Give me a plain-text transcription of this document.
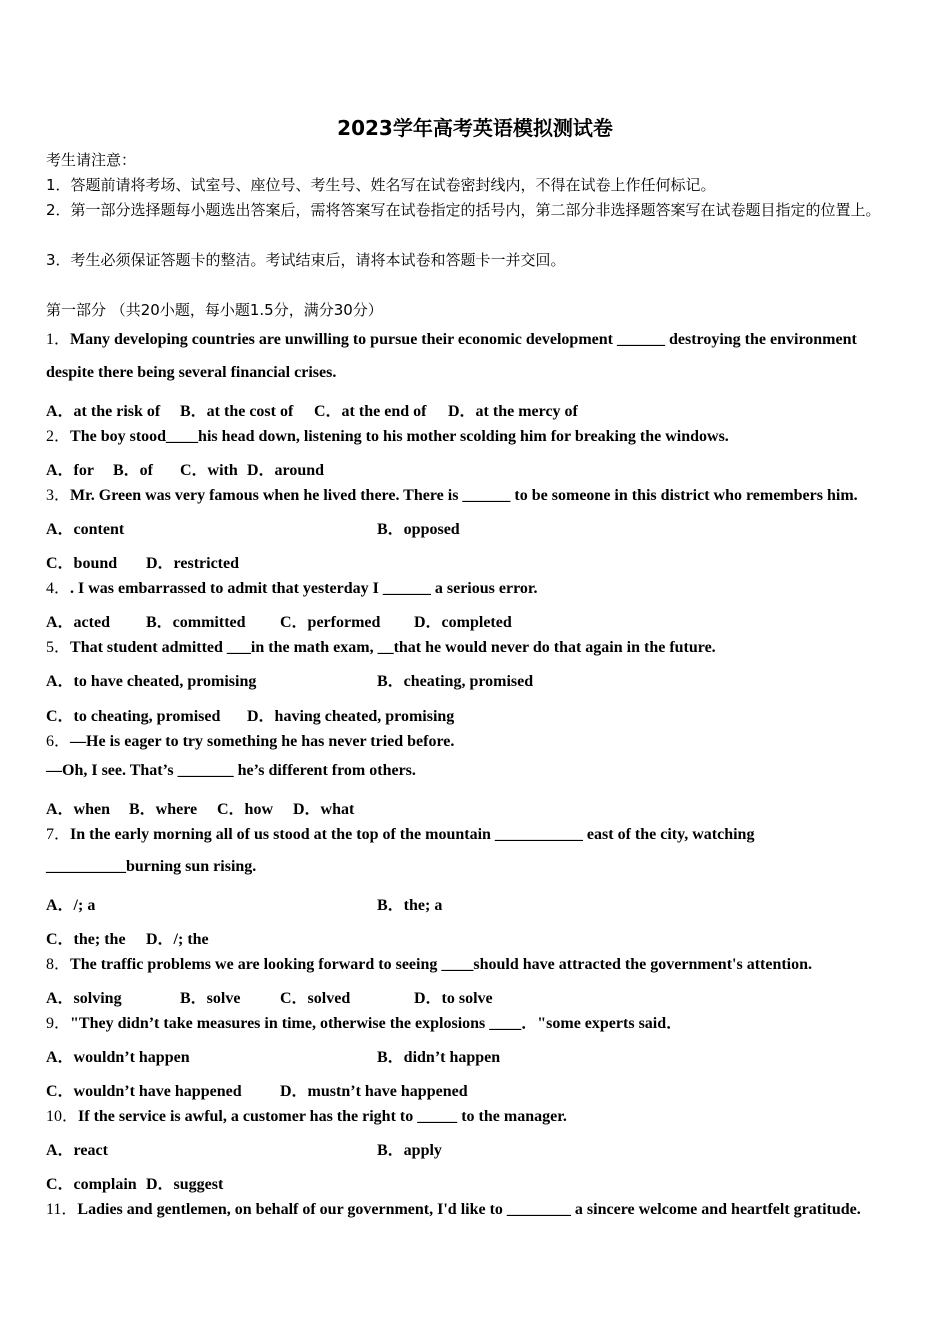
2023学年高考英语模拟测试卷
考生请注意：
1．答题前请将考场、试室号、座位号、考生号、姓名写在试卷密封线内，不得在试卷上作任何标记。
2．第一部分选择题每小题选出答案后，需将答案写在试卷指定的括号内，第二部分非选择题答案写在试卷题目指定的位置上。
3．考生必须保证答题卡的整洁。考试结束后，请将本试卷和答题卡一并交回。
第一部分 （共20小题，每小题1.5分，满分30分）
1．Many developing countries are unwilling to pursue their economic development ______ destroying the environment
despite there being several financial crises.
A．at the risk of B．at the cost of C．at the end of D．at the mercy of
2．The boy stood____his head down, listening to his mother scolding him for breaking the windows.
A．for B．of C．with D．around
3．Mr. Green was very famous when he lived there. There is ______ to be someone in this district who remembers him.
A．content	B．opposed
C．bound D．restricted
4．. I was embarrassed to admit that yesterday I ______ a serious error.
A．acted B．committed C．performed D．completed
5．That student admitted ___in the math exam, __that he would never do that again in the future.
A．to have cheated, promising	B．cheating, promised
C．to cheating, promised D．having cheated, promising
6．—He is eager to try something he has never tried before.
—Oh, I see. That’s _______ he’s different from others.
A．when B．where C．how D．what
7．In the early morning all of us stood at the top of the mountain ___________ east of the city, watching
__________burning sun rising.
A．/; a	B．the; a
C．the; the D．/; the
8．The traffic problems we are looking forward to seeing ____should have attracted the government's attention.
A．solving	B．solve C．solved	D．to solve
9．"They didn’t take measures in time, otherwise the explosions ____．"some experts said．
A．wouldn’t happen	B．didn’t happen
C．wouldn’t have happened D．mustn’t have happened
10．If the service is awful, a customer has the right to _____ to the manager.
A．react	B．apply
C．complain D．suggest
11．Ladies and gentlemen, on behalf of our government, I'd like to ________ a sincere welcome and heartfelt gratitude.
